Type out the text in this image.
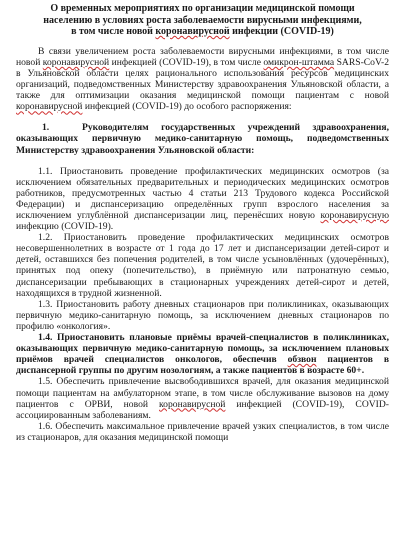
О временных мероприятиях по организации медицинской помощи
населению в условиях роста заболеваемости вирусными инфекциями,
в том числе новой коронавирусной инфекции (COVID-19)

В связи увеличением роста заболеваемости вирусными инфекциями, в том числе новой коронавирусной инфекцией (COVID-19), в том числе омикрон-штамма SARS-CoV-2 в Ульяновской области целях рационального использования ресурсов медицинских организаций, подведомственных Министерству здравоохранения Ульяновской области, а также для оптимизации оказания медицинской помощи пациентам с новой коронавирусной инфекцией (COVID-19) до особого распоряжения:

1.	Руководителям государственных учреждений здравоохранения, оказывающих первичную медико-санитарную помощь, подведомственных Министерству здравоохранения Ульяновской области:

1.1. Приостановить проведение профилактических медицинских осмотров (за исключением обязательных предварительных и периодических медицинских осмотров работников, предусмотренных частью 4 статьи 213 Трудового кодекса Российской Федерации) и диспансеризацию определённых групп взрослого населения за исключением углублённой диспансеризации лиц, перенёсших новую коронавирусную инфекцию (COVID-19).

1.2. Приостановить проведение профилактических медицинских осмотров несовершеннолетних в возрасте от 1 года до 17 лет и диспансеризации детей-сирот и детей, оставшихся без попечения родителей, в том числе усыновлённых (удочерённых), принятых под опеку (попечительство), в приёмную или патронатную семью, диспансеризации пребывающих в стационарных учреждениях детей-сирот и детей, находящихся в трудной жизненной.

1.3. Приостановить работу дневных стационаров при поликлиниках, оказывающих первичную медико-санитарную помощь, за исключением дневных стационаров по профилю «онкология».

1.4. Приостановить плановые приёмы врачей-специалистов в поликлиниках, оказывающих первичную медико-санитарную помощь, за исключением плановых приёмов врачей специалистов онкологов, обеспечив обзвон пациентов в диспансерной группы по другим нозологиям, а также пациентов в возрасте 60+.

1.5. Обеспечить привлечение высвободившихся врачей, для оказания медицинской помощи пациентам на амбулаторном этапе, в том числе обслуживание вызовов на дому пациентов с ОРВИ, новой коронавирусной инфекцией (COVID-19), COVID-ассоциированным заболеваниям.

1.6. Обеспечить максимальное привлечение врачей узких специалистов, в том числе из стационаров, для оказания медицинской помощи
